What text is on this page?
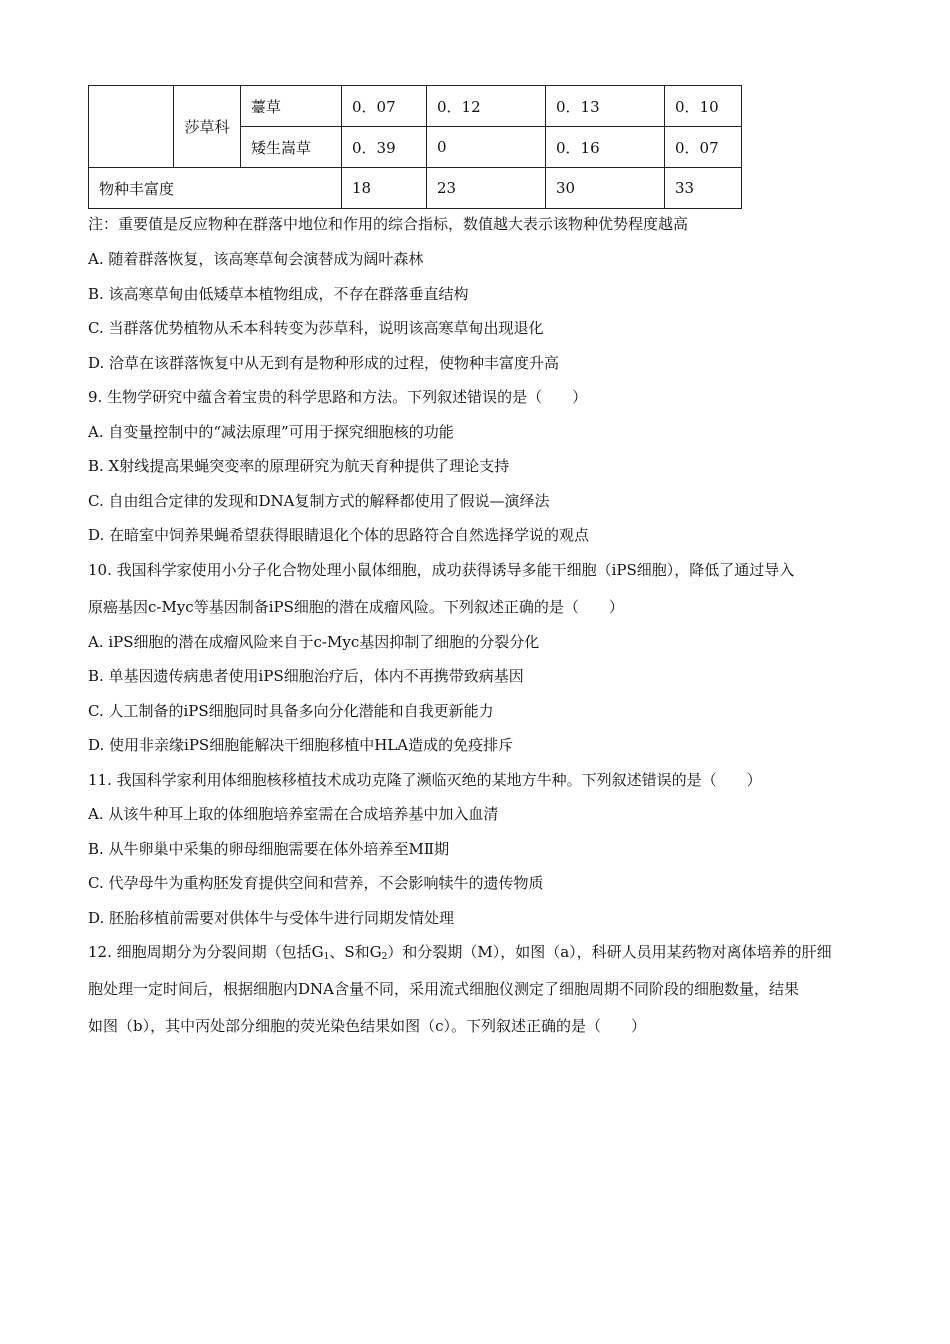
	莎草科	薹草	0．07	0．12	0．13	0．10
		矮生嵩草	0．39	0	0．16	0．07
物种丰富度			18	23	30	33
注：重要值是反应物种在群落中地位和作用的综合指标，数值越大表示该物种优势程度越高
A. 随着群落恢复，该高寒草甸会演替成为阔叶森林
B. 该高寒草甸由低矮草本植物组成，不存在群落垂直结构
C. 当群落优势植物从禾本科转变为莎草科，说明该高寒草甸出现退化
D. 洽草在该群落恢复中从无到有是物种形成的过程，使物种丰富度升高
9. 生物学研究中蕴含着宝贵的科学思路和方法。下列叙述错误的是（　　）
A. 自变量控制中的“减法原理”可用于探究细胞核的功能
B. X射线提高果蝇突变率的原理研究为航天育种提供了理论支持
C. 自由组合定律的发现和DNA复制方式的解释都使用了假说—演绎法
D. 在暗室中饲养果蝇希望获得眼睛退化个体的思路符合自然选择学说的观点
10. 我国科学家使用小分子化合物处理小鼠体细胞，成功获得诱导多能干细胞（iPS细胞），降低了通过导入
原癌基因c-Myc等基因制备iPS细胞的潜在成瘤风险。下列叙述正确的是（　　）
A. iPS细胞的潜在成瘤风险来自于c-Myc基因抑制了细胞的分裂分化
B. 单基因遗传病患者使用iPS细胞治疗后，体内不再携带致病基因
C. 人工制备的iPS细胞同时具备多向分化潜能和自我更新能力
D. 使用非亲缘iPS细胞能解决干细胞移植中HLA造成的免疫排斥
11. 我国科学家利用体细胞核移植技术成功克隆了濒临灭绝的某地方牛种。下列叙述错误的是（　　）
A. 从该牛种耳上取的体细胞培养室需在合成培养基中加入血清
B. 从牛卵巢中采集的卵母细胞需要在体外培养至MⅡ期
C. 代孕母牛为重构胚发育提供空间和营养，不会影响犊牛的遗传物质
D. 胚胎移植前需要对供体牛与受体牛进行同期发情处理
12. 细胞周期分为分裂间期（包括$G_1$、S和$G_2$）和分裂期（M），如图（a），科研人员用某药物对离体培养的肝细
胞处理一定时间后，根据细胞内DNA含量不同，采用流式细胞仪测定了细胞周期不同阶段的细胞数量，结果
如图（b），其中丙处部分细胞的荧光染色结果如图（c）。下列叙述正确的是（　　）
